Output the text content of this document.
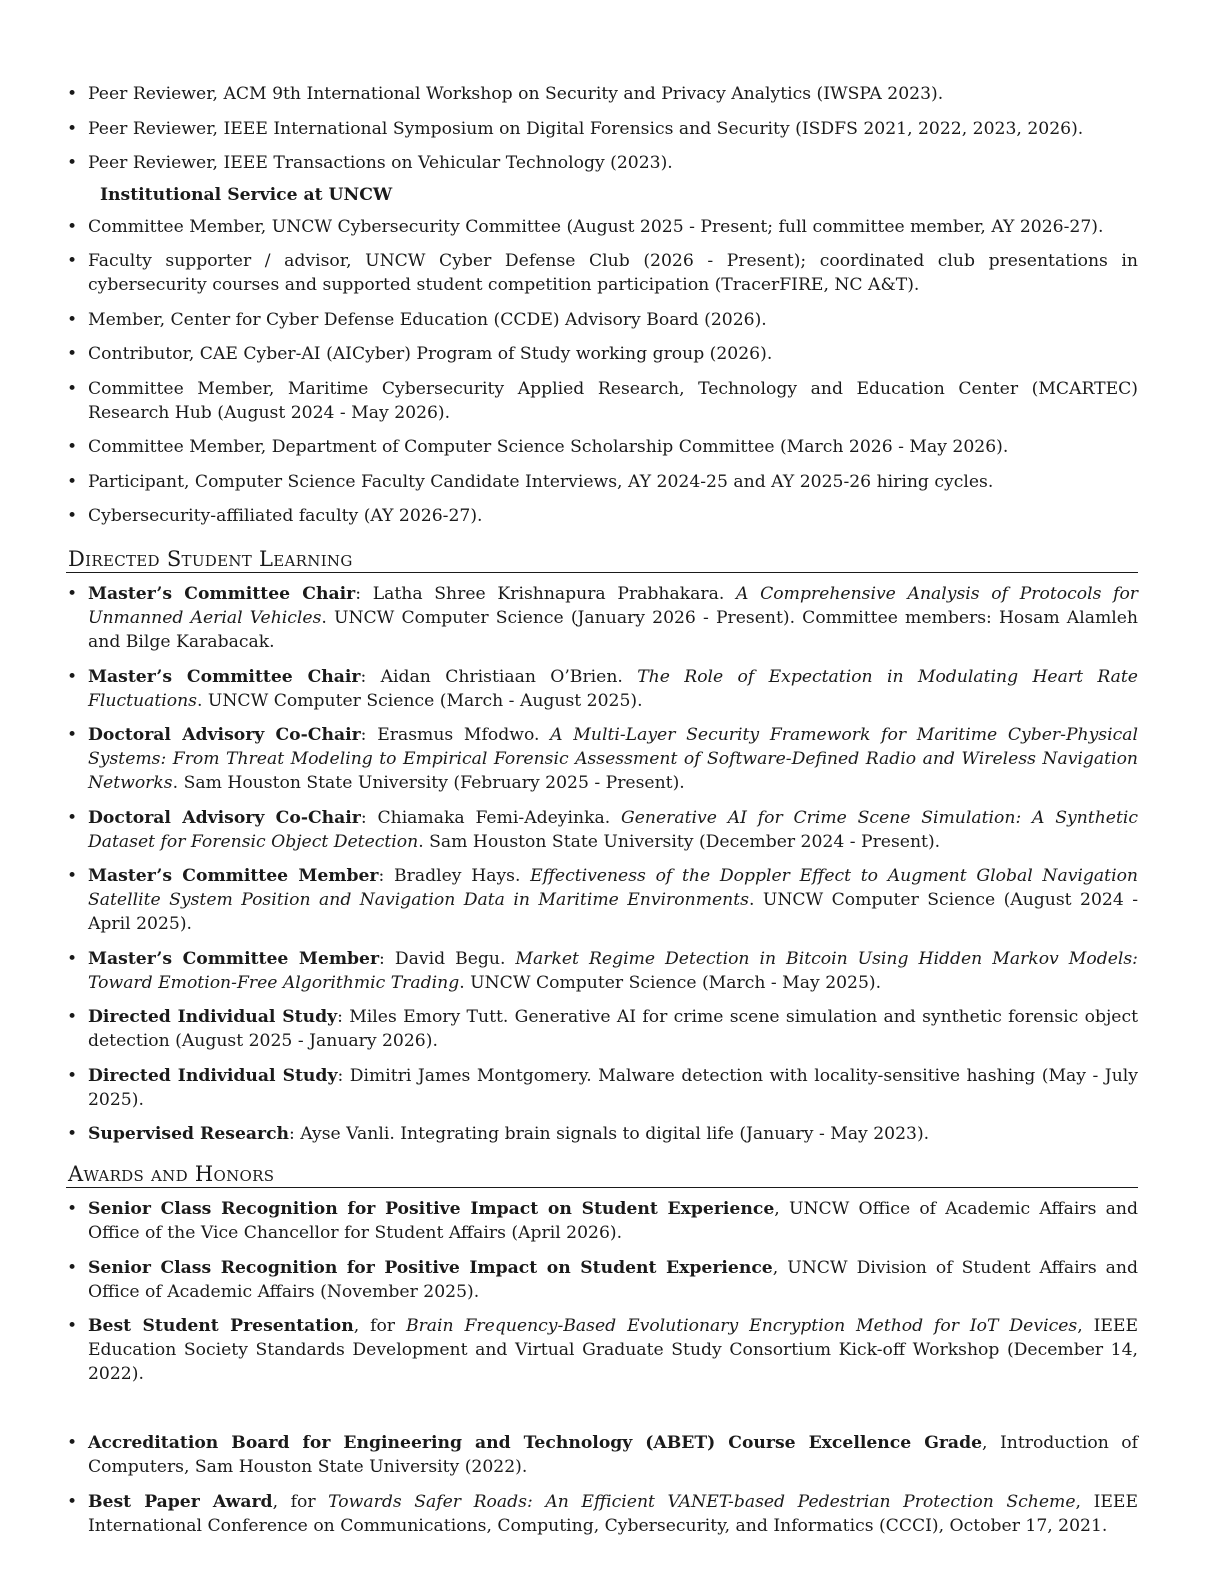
• Peer Reviewer, ACM 9th International Workshop on Security and Privacy Analytics (IWSPA 2023).
• Peer Reviewer, IEEE International Symposium on Digital Forensics and Security (ISDFS 2021, 2022, 2023, 2026).
• Peer Reviewer, IEEE Transactions on Vehicular Technology (2023).
Institutional Service at UNCW
• Committee Member, UNCW Cybersecurity Committee (August 2025 - Present; full committee member, AY 2026-27).
• Faculty supporter / advisor, UNCW Cyber Defense Club (2026 - Present); coordinated club presentations in cybersecurity courses and supported student competition participation (TracerFIRE, NC A&T).
• Member, Center for Cyber Defense Education (CCDE) Advisory Board (2026).
• Contributor, CAE Cyber-AI (AICyber) Program of Study working group (2026).
• Committee Member, Maritime Cybersecurity Applied Research, Technology and Education Center (MCARTEC) Research Hub (August 2024 - May 2026).
• Committee Member, Department of Computer Science Scholarship Committee (March 2026 - May 2026).
• Participant, Computer Science Faculty Candidate Interviews, AY 2024-25 and AY 2025-26 hiring cycles.
• Cybersecurity-affiliated faculty (AY 2026-27).
Directed Student Learning
• Master’s Committee Chair: Latha Shree Krishnapura Prabhakara. A Comprehensive Analysis of Protocols for Unmanned Aerial Vehicles. UNCW Computer Science (January 2026 - Present). Committee members: Hosam Alamleh and Bilge Karabacak.
• Master’s Committee Chair: Aidan Christiaan O’Brien. The Role of Expectation in Modulating Heart Rate Fluctuations. UNCW Computer Science (March - August 2025).
• Doctoral Advisory Co-Chair: Erasmus Mfodwo. A Multi-Layer Security Framework for Maritime Cyber-Physical Systems: From Threat Modeling to Empirical Forensic Assessment of Software-Defined Radio and Wireless Navigation Networks. Sam Houston State University (February 2025 - Present).
• Doctoral Advisory Co-Chair: Chiamaka Femi-Adeyinka. Generative AI for Crime Scene Simulation: A Synthetic Dataset for Forensic Object Detection. Sam Houston State University (December 2024 - Present).
• Master’s Committee Member: Bradley Hays. Effectiveness of the Doppler Effect to Augment Global Navigation Satellite System Position and Navigation Data in Maritime Environments. UNCW Computer Science (August 2024 - April 2025).
• Master’s Committee Member: David Begu. Market Regime Detection in Bitcoin Using Hidden Markov Models: Toward Emotion-Free Algorithmic Trading. UNCW Computer Science (March - May 2025).
• Directed Individual Study: Miles Emory Tutt. Generative AI for crime scene simulation and synthetic forensic object detection (August 2025 - January 2026).
• Directed Individual Study: Dimitri James Montgomery. Malware detection with locality-sensitive hashing (May - July 2025).
• Supervised Research: Ayse Vanli. Integrating brain signals to digital life (January - May 2023).
Awards and Honors
• Senior Class Recognition for Positive Impact on Student Experience, UNCW Office of Academic Affairs and Office of the Vice Chancellor for Student Affairs (April 2026).
• Senior Class Recognition for Positive Impact on Student Experience, UNCW Division of Student Affairs and Office of Academic Affairs (November 2025).
• Best Student Presentation, for Brain Frequency-Based Evolutionary Encryption Method for IoT Devices, IEEE Education Society Standards Development and Virtual Graduate Study Consortium Kick-off Workshop (December 14, 2022).
• Accreditation Board for Engineering and Technology (ABET) Course Excellence Grade, Introduction of Computers, Sam Houston State University (2022).
• Best Paper Award, for Towards Safer Roads: An Efficient VANET-based Pedestrian Protection Scheme, IEEE International Conference on Communications, Computing, Cybersecurity, and Informatics (CCCI), October 17, 2021.
